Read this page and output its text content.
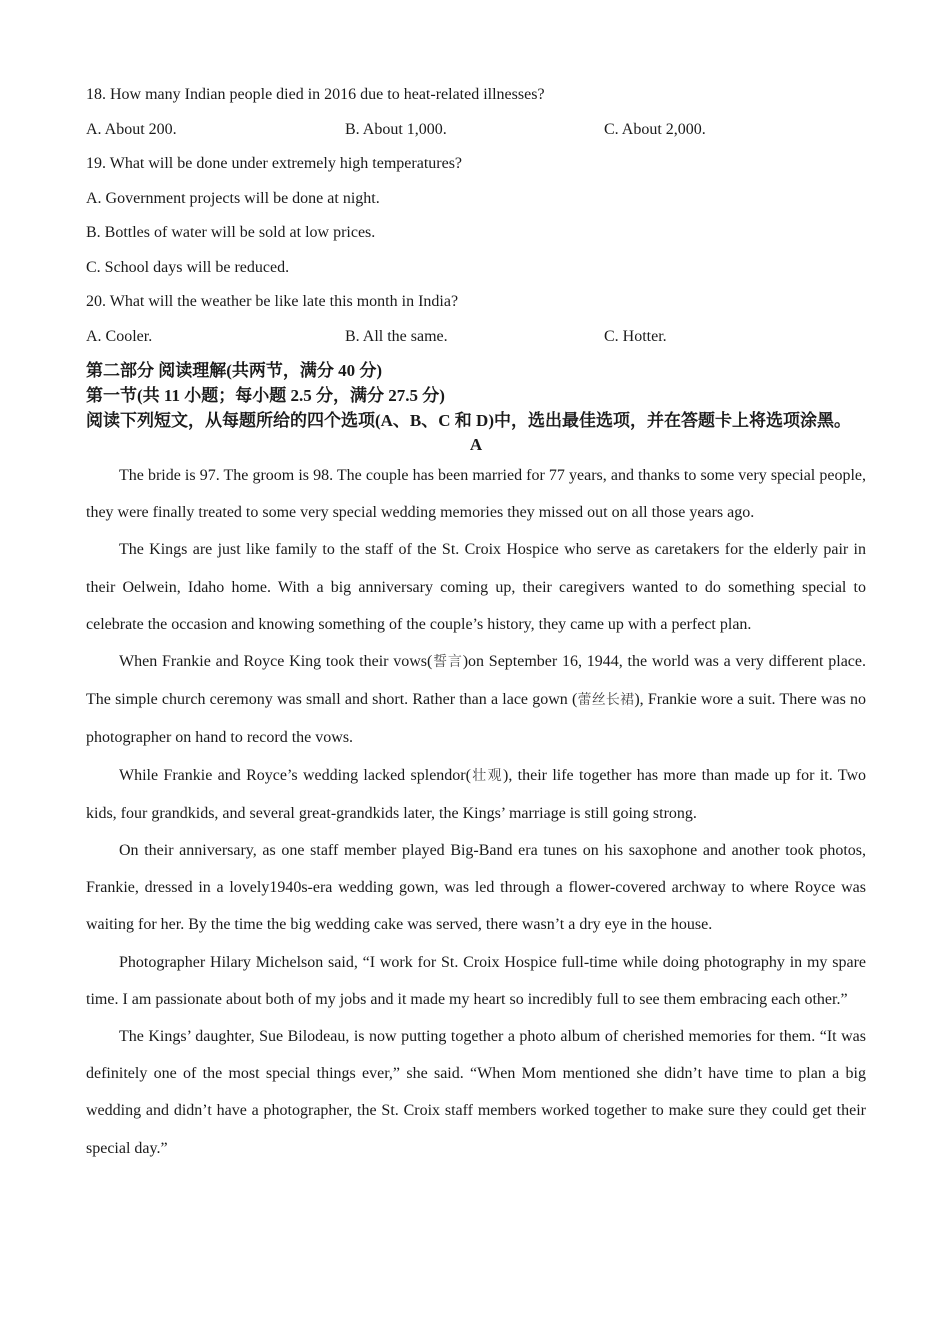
18. How many Indian people died in 2016 due to heat-related illnesses?

A. About 200.	B. About 1,000.	C. About 2,000.

19. What will be done under extremely high temperatures?

A. Government projects will be done at night.

B. Bottles of water will be sold at low prices.

C. School days will be reduced.

20. What will the weather be like late this month in India?

A. Cooler.	B. All the same.	C. Hotter.

第二部分 阅读理解(共两节，满分 40 分)

第一节(共 11 小题；每小题 2.5 分，满分 27.5 分)

阅读下列短文，从每题所给的四个选项(A、B、C 和 D)中，选出最佳选项，并在答题卡上将选项涂黑。

A

The bride is 97. The groom is 98. The couple has been married for 77 years, and thanks to some very special people, they were finally treated to some very special wedding memories they missed out on all those years ago.

The Kings are just like family to the staff of the St. Croix Hospice who serve as caretakers for the elderly pair in their Oelwein, Idaho home. With a big anniversary coming up, their caregivers wanted to do something special to celebrate the occasion and knowing something of the couple’s history, they came up with a perfect plan.

When Frankie and Royce King took their vows(誓言)on September 16, 1944, the world was a very different place. The simple church ceremony was small and short. Rather than a lace gown (蕾丝长裙), Frankie wore a suit. There was no photographer on hand to record the vows.

While Frankie and Royce’s wedding lacked splendor(壮观), their life together has more than made up for it. Two kids, four grandkids, and several great-grandkids later, the Kings’ marriage is still going strong.

On their anniversary, as one staff member played Big-Band era tunes on his saxophone and another took photos, Frankie, dressed in a lovely1940s-era wedding gown, was led through a flower-covered archway to where Royce was waiting for her. By the time the big wedding cake was served, there wasn’t a dry eye in the house.

Photographer Hilary Michelson said, “I work for St. Croix Hospice full-time while doing photography in my spare time. I am passionate about both of my jobs and it made my heart so incredibly full to see them embracing each other.”

The Kings’ daughter, Sue Bilodeau, is now putting together a photo album of cherished memories for them. “It was definitely one of the most special things ever,” she said. “When Mom mentioned she didn’t have time to plan a big wedding and didn’t have a photographer, the St. Croix staff members worked together to make sure they could get their special day.”
